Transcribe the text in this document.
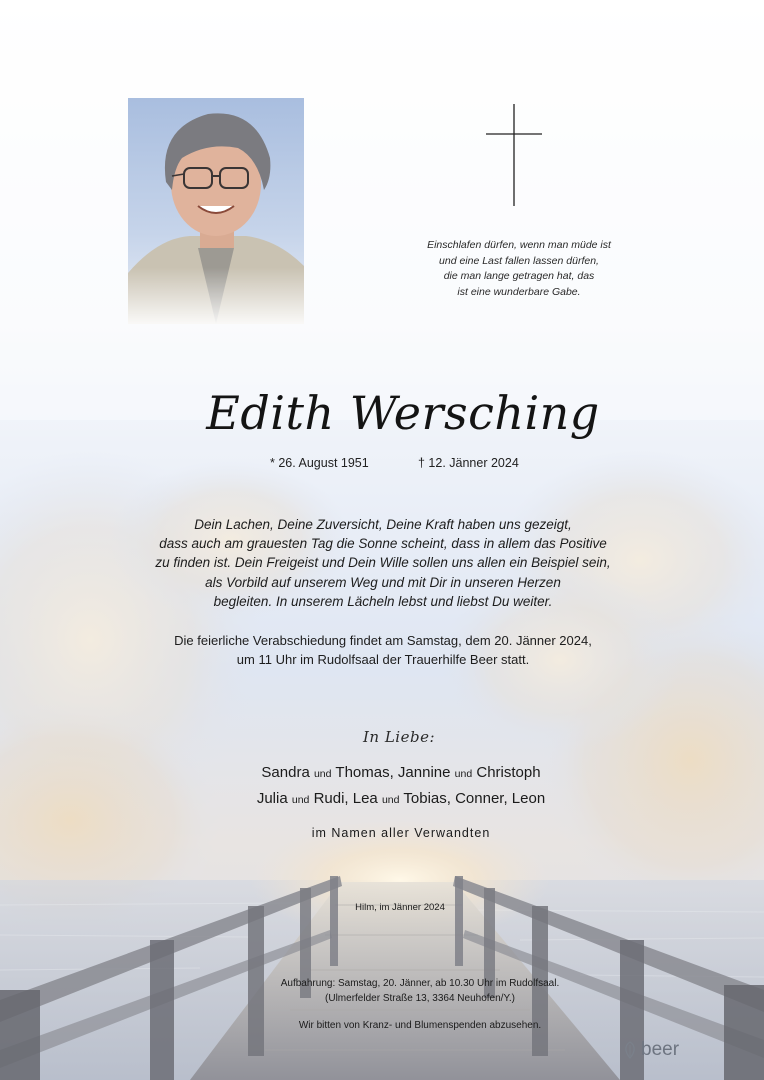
Einschlafen dürfen, wenn man müde ist
und eine Last fallen lassen dürfen,
die man lange getragen hat, das
ist eine wunderbare Gabe.
Edith Wersching
* 26. August 1951	† 12. Jänner 2024
Dein Lachen, Deine Zuversicht, Deine Kraft haben uns gezeigt,
dass auch am grauesten Tag die Sonne scheint, dass in allem das Positive
zu finden ist. Dein Freigeist und Dein Wille sollen uns allen ein Beispiel sein,
als Vorbild auf unserem Weg und mit Dir in unseren Herzen
begleiten. In unserem Lächeln lebst und liebst Du weiter.
Die feierliche Verabschiedung findet am Samstag, dem 20. Jänner 2024,
um 11 Uhr im Rudolfsaal der Trauerhilfe Beer statt.
In Liebe:
Sandra und Thomas, Jannine und Christoph
Julia und Rudi, Lea und Tobias, Conner, Leon
im Namen aller Verwandten
Hilm, im Jänner 2024
Aufbahrung: Samstag, 20. Jänner, ab 10.30 Uhr im Rudolfsaal.
(Ulmerfelder Straße 13, 3364 Neuhofen/Y.)
Wir bitten von Kranz- und Blumenspenden abzusehen.
beer
